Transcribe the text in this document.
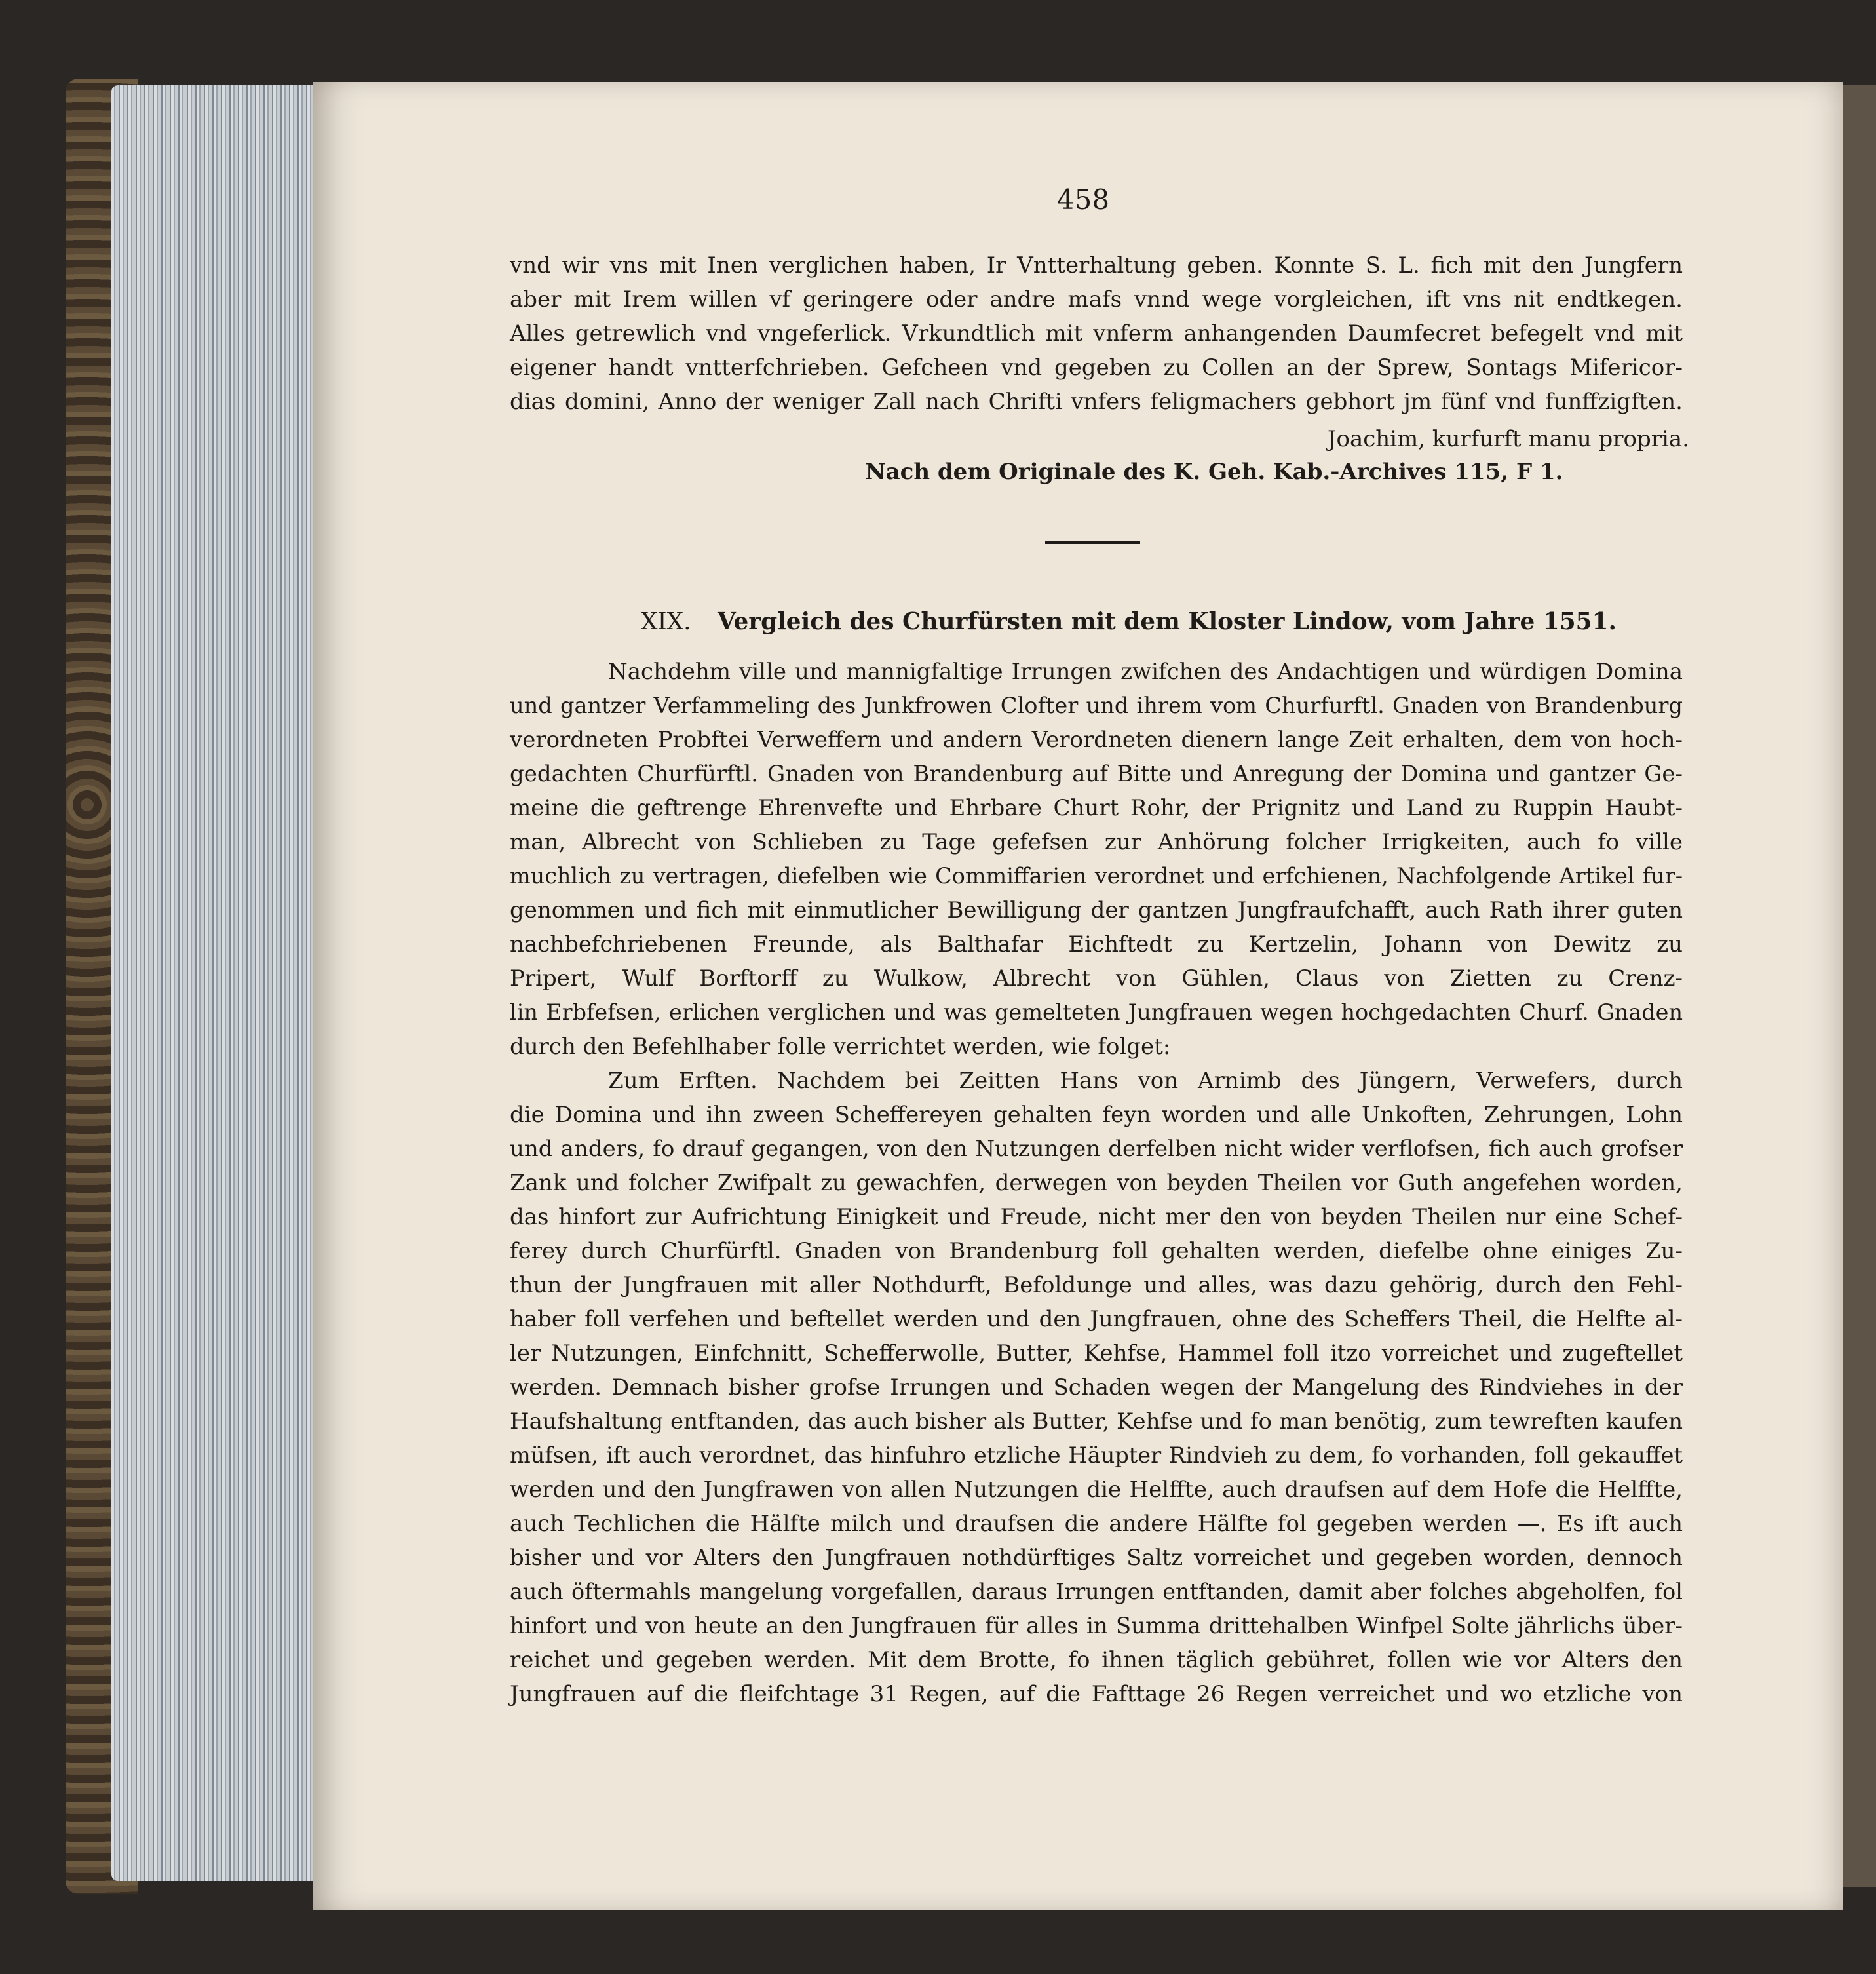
458
vnd wir vns mit Inen verglichen haben, Ir Vntterhaltung geben. Konnte S. L. fich mit den Jungfern
aber mit Irem willen vf geringere oder andre mafs vnnd wege vorgleichen, ift vns nit endtkegen.
Alles getrewlich vnd vngeferlick. Vrkundtlich mit vnferm anhangenden Daumfecret befegelt vnd mit
eigener handt vntterfchrieben. Gefcheen vnd gegeben zu Collen an der Sprew, Sontags Mifericor-
dias domini, Anno der weniger Zall nach Chrifti vnfers feligmachers gebhort jm fünf vnd funffzigften.
Joachim, kurfurft manu propria.
Nach dem Originale des K. Geh. Kab.-Archives 115, F 1.
XIX. Vergleich des Churfürsten mit dem Kloster Lindow, vom Jahre 1551.
Nachdehm ville und mannigfaltige Irrungen zwifchen des Andachtigen und würdigen Domina
und gantzer Verfammeling des Junkfrowen Clofter und ihrem vom Churfurftl. Gnaden von Brandenburg
verordneten Probftei Verweffern und andern Verordneten dienern lange Zeit erhalten, dem von hoch-
gedachten Churfürftl. Gnaden von Brandenburg auf Bitte und Anregung der Domina und gantzer Ge-
meine die geftrenge Ehrenvefte und Ehrbare Churt Rohr, der Prignitz und Land zu Ruppin Haubt-
man, Albrecht von Schlieben zu Tage gefefsen zur Anhörung folcher Irrigkeiten, auch fo ville
muchlich zu vertragen, diefelben wie Commiffarien verordnet und erfchienen, Nachfolgende Artikel fur-
genommen und fich mit einmutlicher Bewilligung der gantzen Jungfraufchafft, auch Rath ihrer guten
nachbefchriebenen Freunde, als Balthafar Eichftedt zu Kertzelin, Johann von Dewitz zu
Pripert, Wulf Borftorff zu Wulkow, Albrecht von Gühlen, Claus von Zietten zu Crenz-
lin Erbfefsen, erlichen verglichen und was gemelteten Jungfrauen wegen hochgedachten Churf. Gnaden
durch den Befehlhaber folle verrichtet werden, wie folget:
Zum Erften. Nachdem bei Zeitten Hans von Arnimb des Jüngern, Verwefers, durch
die Domina und ihn zween Scheffereyen gehalten feyn worden und alle Unkoften, Zehrungen, Lohn
und anders, fo drauf gegangen, von den Nutzungen derfelben nicht wider verflofsen, fich auch grofser
Zank und folcher Zwifpalt zu gewachfen, derwegen von beyden Theilen vor Guth angefehen worden,
das hinfort zur Aufrichtung Einigkeit und Freude, nicht mer den von beyden Theilen nur eine Schef-
ferey durch Churfürftl. Gnaden von Brandenburg foll gehalten werden, diefelbe ohne einiges Zu-
thun der Jungfrauen mit aller Nothdurft, Befoldunge und alles, was dazu gehörig, durch den Fehl-
haber foll verfehen und beftellet werden und den Jungfrauen, ohne des Scheffers Theil, die Helfte al-
ler Nutzungen, Einfchnitt, Schefferwolle, Butter, Kehfse, Hammel foll itzo vorreichet und zugeftellet
werden. Demnach bisher grofse Irrungen und Schaden wegen der Mangelung des Rindviehes in der
Haufshaltung entftanden, das auch bisher als Butter, Kehfse und fo man benötig, zum tewreften kaufen
müfsen, ift auch verordnet, das hinfuhro etzliche Häupter Rindvieh zu dem, fo vorhanden, foll gekauffet
werden und den Jungfrawen von allen Nutzungen die Helffte, auch draufsen auf dem Hofe die Helffte,
auch Techlichen die Hälfte milch und draufsen die andere Hälfte fol gegeben werden —. Es ift auch
bisher und vor Alters den Jungfrauen nothdürftiges Saltz vorreichet und gegeben worden, dennoch
auch öftermahls mangelung vorgefallen, daraus Irrungen entftanden, damit aber folches abgeholfen, fol
hinfort und von heute an den Jungfrauen für alles in Summa drittehalben Winfpel Solte jährlichs über-
reichet und gegeben werden. Mit dem Brotte, fo ihnen täglich gebühret, follen wie vor Alters den
Jungfrauen auf die fleifchtage 31 Regen, auf die Fafttage 26 Regen verreichet und wo etzliche von
